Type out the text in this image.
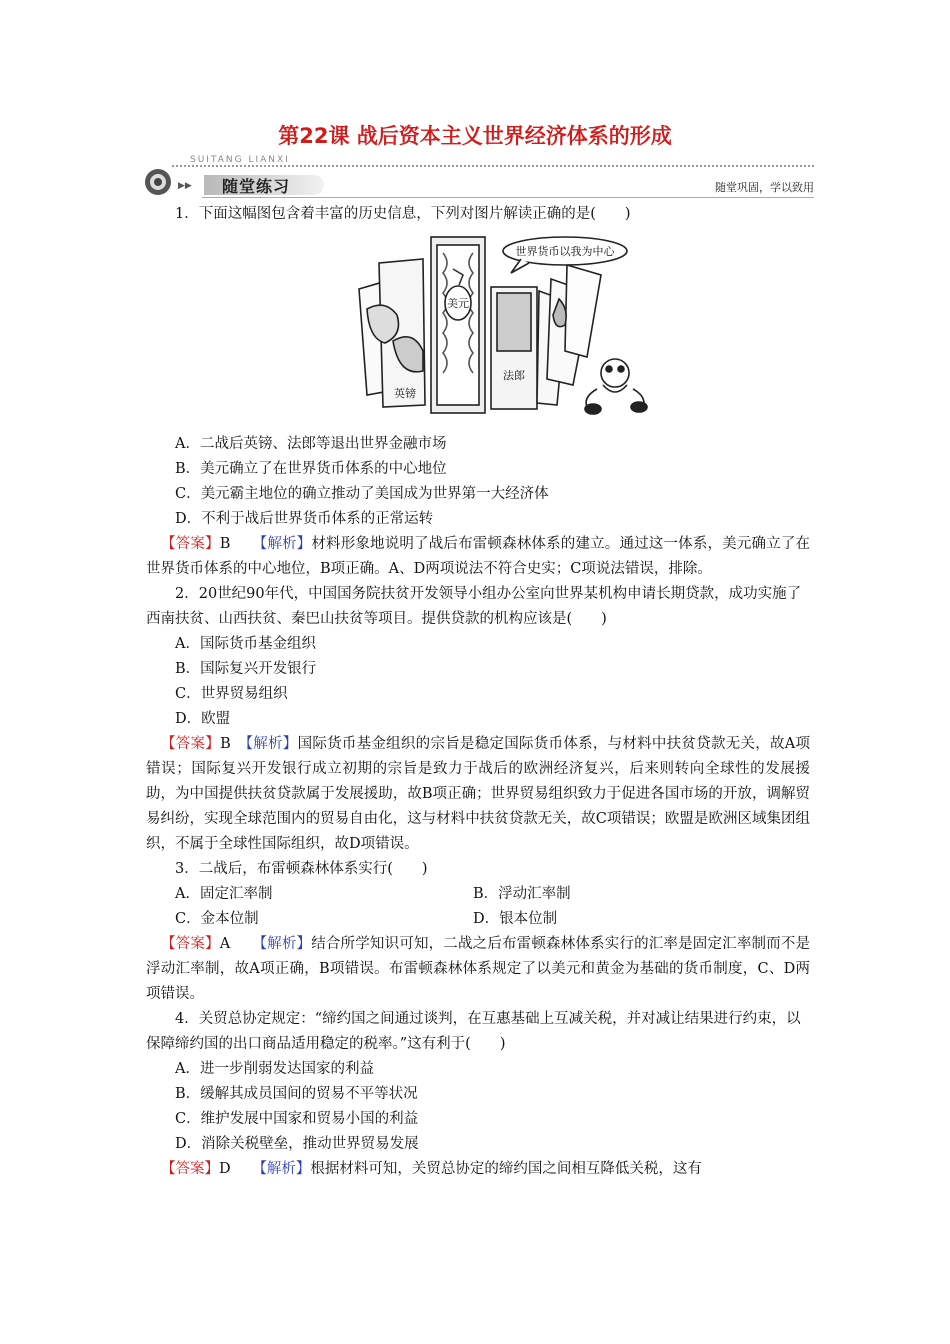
第22课 战后资本主义世界经济体系的形成
SUITANG LIANXI
▶▶ 随堂练习	随堂巩固，学以致用

1．下面这幅图包含着丰富的历史信息，下列对图片解读正确的是(　　)

世界货币以我为中心
美元
英镑
法郎

A．二战后英镑、法郎等退出世界金融市场

B．美元确立了在世界货币体系的中心地位

C．美元霸主地位的确立推动了美国成为世界第一大经济体

D．不利于战后世界货币体系的正常运转

【答案】B　　【解析】材料形象地说明了战后布雷顿森林体系的建立。通过这一体系，美元确立了在世界货币体系的中心地位，B项正确。A、D两项说法不符合史实；C项说法错误，排除。

2．20世纪90年代，中国国务院扶贫开发领导小组办公室向世界某机构申请长期贷款，成功实施了西南扶贫、山西扶贫、秦巴山扶贫等项目。提供贷款的机构应该是(　　)

A．国际货币基金组织

B．国际复兴开发银行

C．世界贸易组织

D．欧盟

【答案】B　【解析】国际货币基金组织的宗旨是稳定国际货币体系，与材料中扶贫贷款无关，故A项错误；国际复兴开发银行成立初期的宗旨是致力于战后的欧洲经济复兴，后来则转向全球性的发展援助，为中国提供扶贫贷款属于发展援助，故B项正确；世界贸易组织致力于促进各国市场的开放，调解贸易纠纷，实现全球范围内的贸易自由化，这与材料中扶贫贷款无关，故C项错误；欧盟是欧洲区域集团组织，不属于全球性国际组织，故D项错误。

3．二战后，布雷顿森林体系实行(　　)

A．固定汇率制	B．浮动汇率制
C．金本位制	D．银本位制

【答案】A　　【解析】结合所学知识可知，二战之后布雷顿森林体系实行的汇率是固定汇率制而不是浮动汇率制，故A项正确，B项错误。布雷顿森林体系规定了以美元和黄金为基础的货币制度，C、D两项错误。

4．关贸总协定规定：“缔约国之间通过谈判，在互惠基础上互减关税，并对减让结果进行约束，以保障缔约国的出口商品适用稳定的税率。”这有利于(　　)

A．进一步削弱发达国家的利益

B．缓解其成员国间的贸易不平等状况

C．维护发展中国家和贸易小国的利益

D．消除关税壁垒，推动世界贸易发展

【答案】D　　【解析】根据材料可知，关贸总协定的缔约国之间相互降低关税，这有
